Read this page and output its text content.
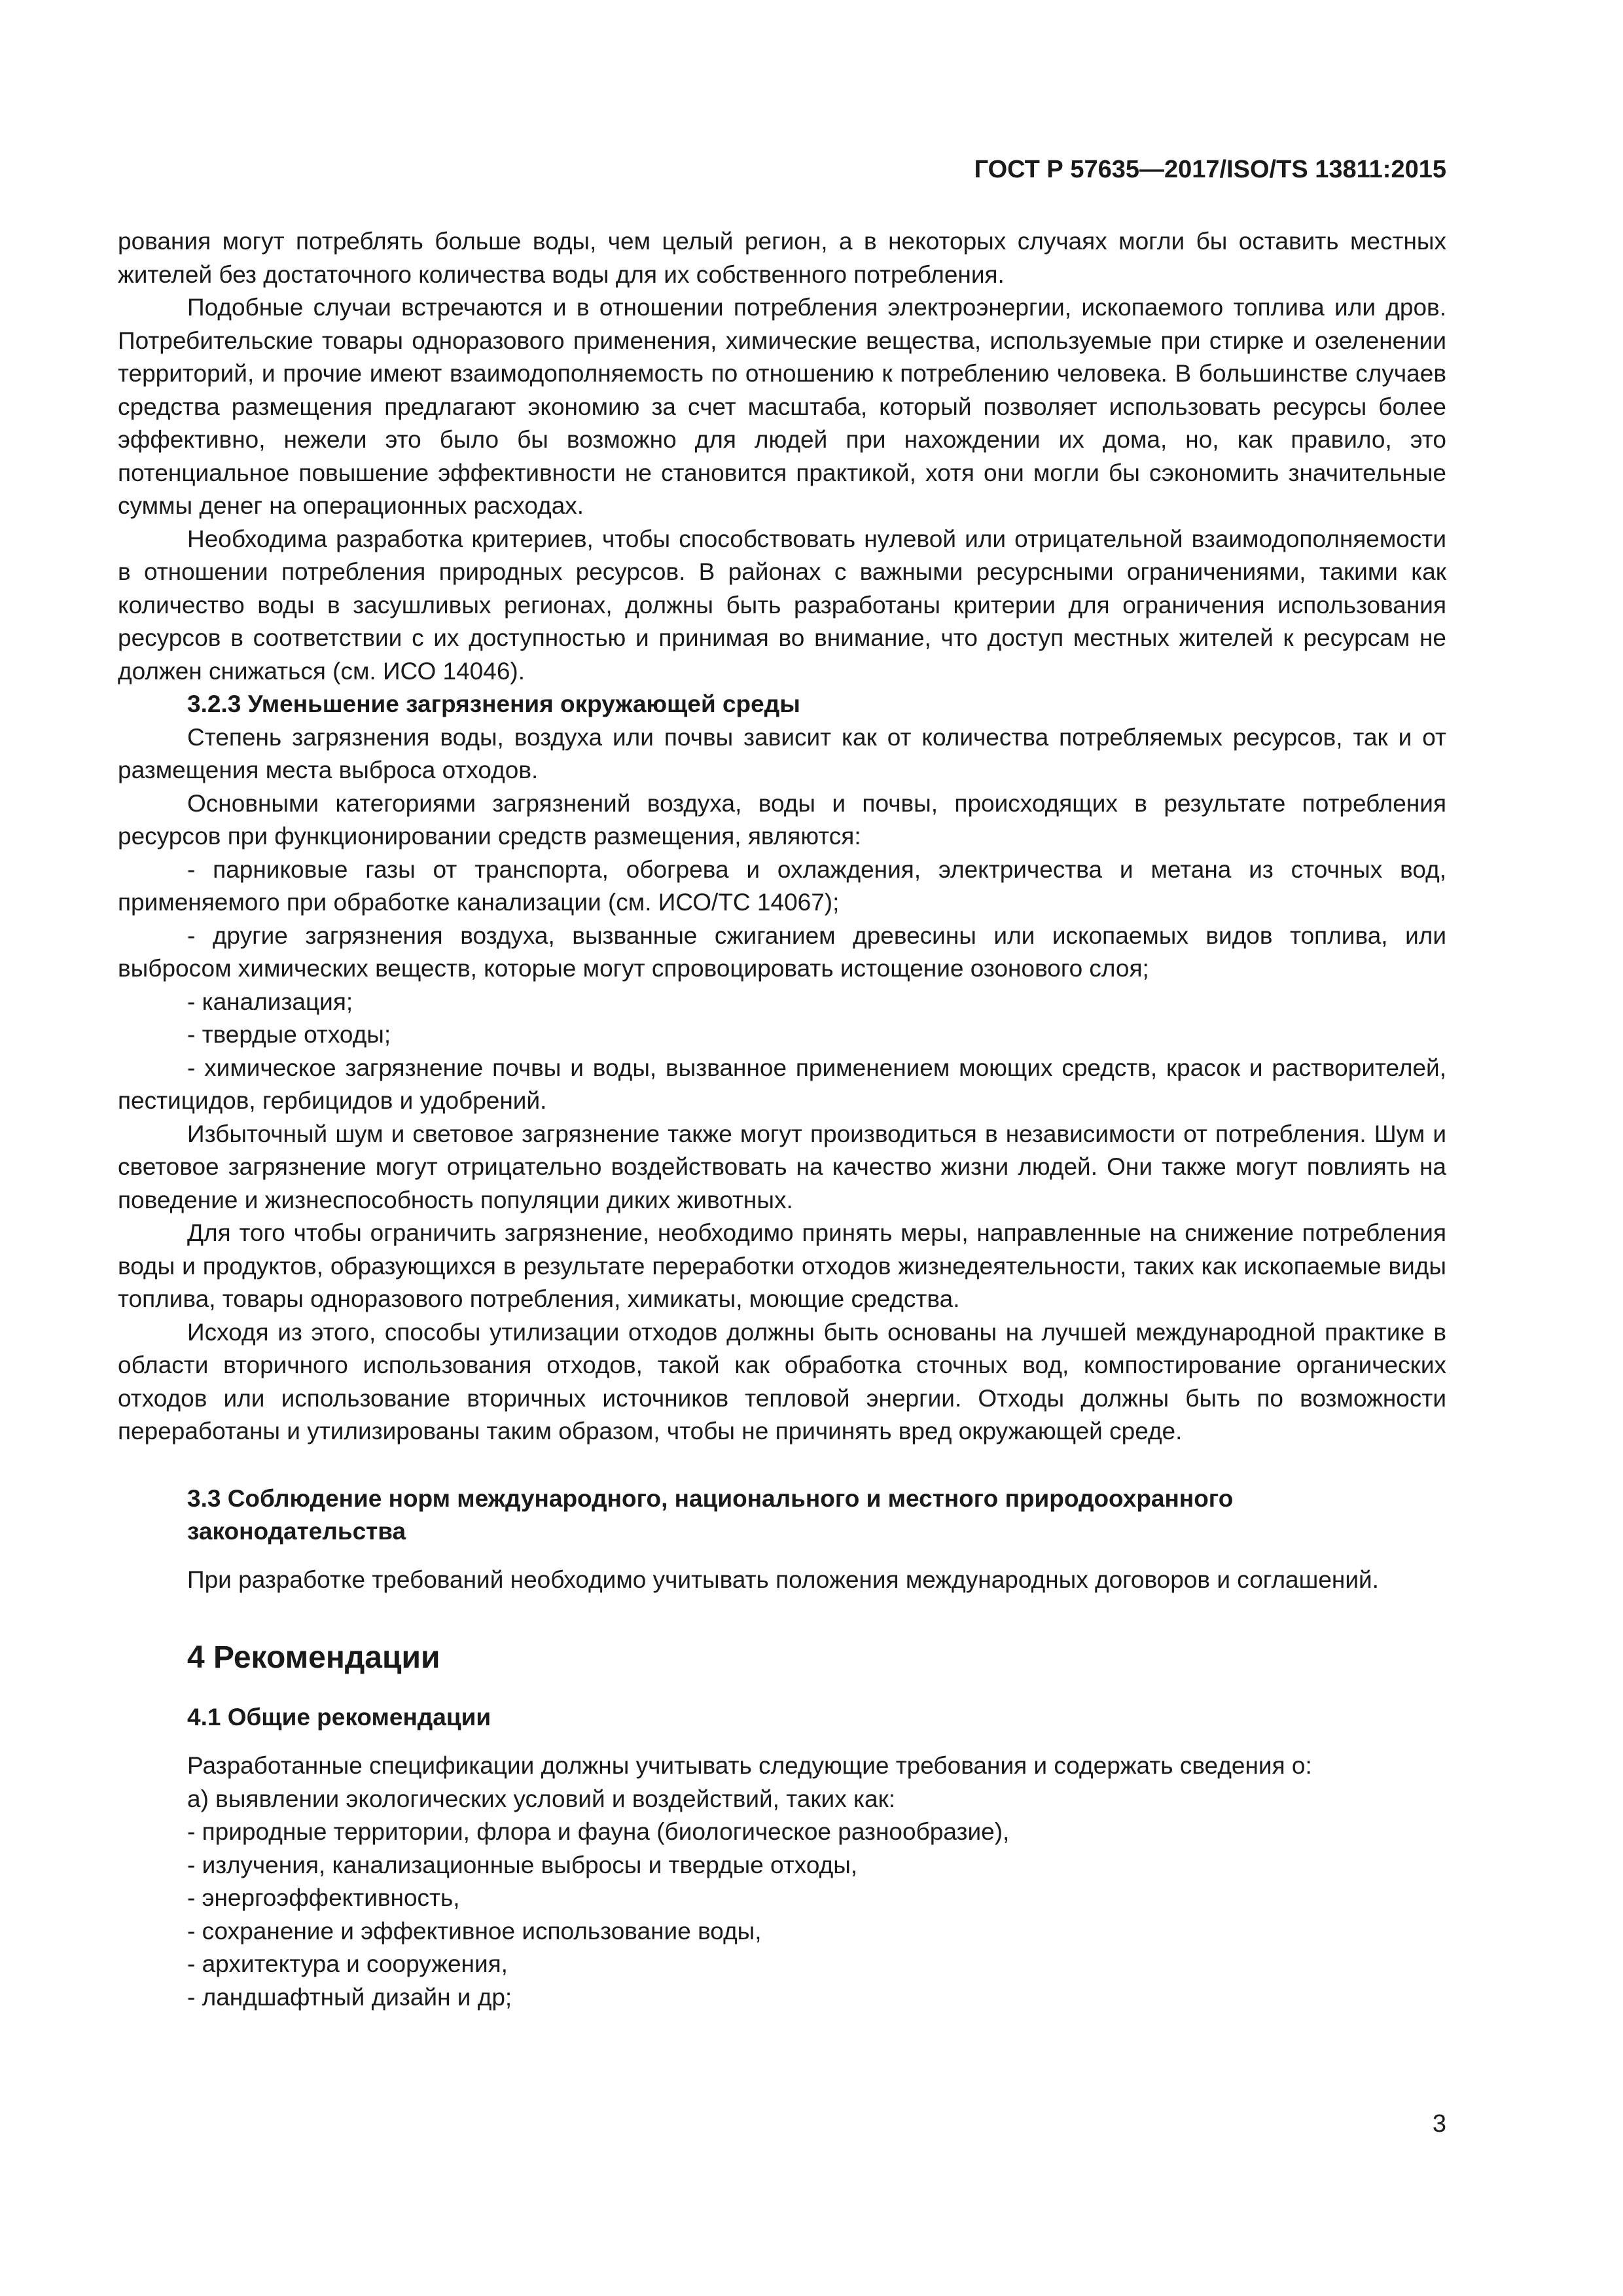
ГОСТ Р 57635—2017/ISO/TS 13811:2015

рования могут потреблять больше воды, чем целый регион, а в некоторых случаях могли бы оставить местных жителей без достаточного количества воды для их собственного потребления.

Подобные случаи встречаются и в отношении потребления электроэнергии, ископаемого топлива или дров. Потребительские товары одноразового применения, химические вещества, используемые при стирке и озеленении территорий, и прочие имеют взаимодополняемость по отношению к потреблению человека. В большинстве случаев средства размещения предлагают экономию за счет масштаба, который позволяет использовать ресурсы более эффективно, нежели это было бы возможно для людей при нахождении их дома, но, как правило, это потенциальное повышение эффективности не становится практикой, хотя они могли бы сэкономить значительные суммы денег на операционных расходах.

Необходима разработка критериев, чтобы способствовать нулевой или отрицательной взаимодополняемости в отношении потребления природных ресурсов. В районах с важными ресурсными ограничениями, такими как количество воды в засушливых регионах, должны быть разработаны критерии для ограничения использования ресурсов в соответствии с их доступностью и принимая во внимание, что доступ местных жителей к ресурсам не должен снижаться (см. ИСО 14046).

3.2.3 Уменьшение загрязнения окружающей среды

Степень загрязнения воды, воздуха или почвы зависит как от количества потребляемых ресурсов, так и от размещения места выброса отходов.

Основными категориями загрязнений воздуха, воды и почвы, происходящих в результате потребления ресурсов при функционировании средств размещения, являются:

- парниковые газы от транспорта, обогрева и охлаждения, электричества и метана из сточных вод, применяемого при обработке канализации (см. ИСО/ТС 14067);

- другие загрязнения воздуха, вызванные сжиганием древесины или ископаемых видов топлива, или выбросом химических веществ, которые могут спровоцировать истощение озонового слоя;

- канализация;

- твердые отходы;

- химическое загрязнение почвы и воды, вызванное применением моющих средств, красок и растворителей, пестицидов, гербицидов и удобрений.

Избыточный шум и световое загрязнение также могут производиться в независимости от потребления. Шум и световое загрязнение могут отрицательно воздействовать на качество жизни людей. Они также могут повлиять на поведение и жизнеспособность популяции диких животных.

Для того чтобы ограничить загрязнение, необходимо принять меры, направленные на снижение потребления воды и продуктов, образующихся в результате переработки отходов жизнедеятельности, таких как ископаемые виды топлива, товары одноразового потребления, химикаты, моющие средства.

Исходя из этого, способы утилизации отходов должны быть основаны на лучшей международной практике в области вторичного использования отходов, такой как обработка сточных вод, компостирование органических отходов или использование вторичных источников тепловой энергии. Отходы должны быть по возможности переработаны и утилизированы таким образом, чтобы не причинять вред окружающей среде.

3.3 Соблюдение норм международного, национального и местного природоохранного законодательства

При разработке требований необходимо учитывать положения международных договоров и соглашений.

4 Рекомендации
4.1 Общие рекомендации

Разработанные спецификации должны учитывать следующие требования и содержать сведения о:

а) выявлении экологических условий и воздействий, таких как:

- природные территории, флора и фауна (биологическое разнообразие),

- излучения, канализационные выбросы и твердые отходы,

- энергоэффективность,

- сохранение и эффективное использование воды,

- архитектура и сооружения,

- ландшафтный дизайн и др;

3
